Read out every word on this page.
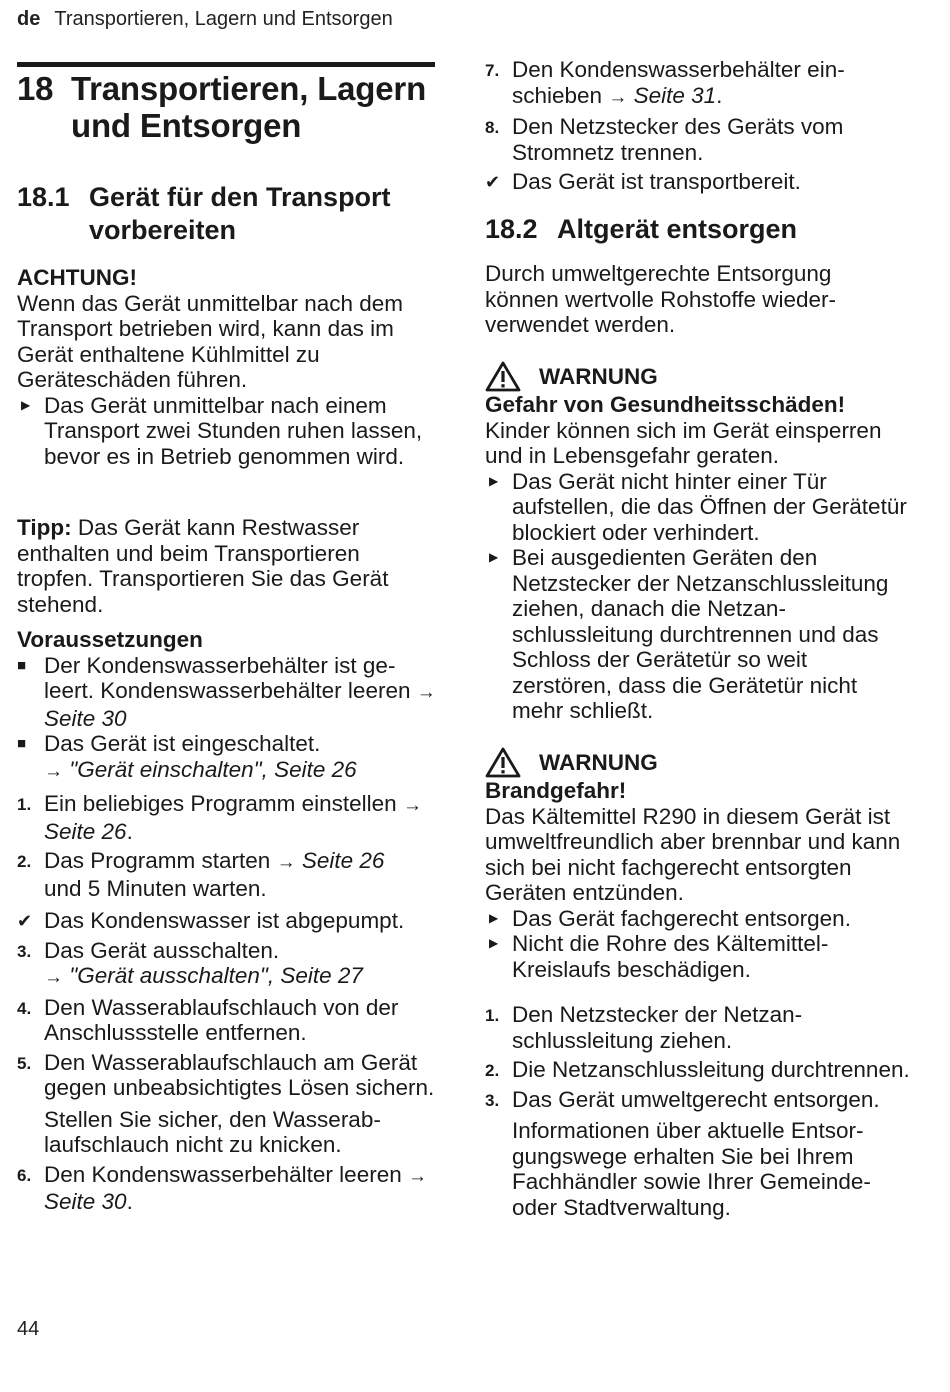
de Transportieren, Lagern und Entsorgen
18 Transportieren, Lagern und Entsorgen
18.1 Gerät für den Transport vorbereiten
ACHTUNG!
Wenn das Gerät unmittelbar nach dem Transport betrieben wird, kann das im Gerät enthaltene Kühlmittel zu Geräteschäden führen.
▶ Das Gerät unmittelbar nach einem Transport zwei Stunden ruhen lassen, bevor es in Betrieb genommen wird.
Tipp: Das Gerät kann Restwasser enthalten und beim Transportieren tropfen. Transportieren Sie das Gerät stehend.
Voraussetzungen
■ Der Kondenswasserbehälter ist geleert. Kondenswasserbehälter leeren → Seite 30
■ Das Gerät ist eingeschaltet.
→ "Gerät einschalten", Seite 26
1. Ein beliebiges Programm einstellen → Seite 26.
2. Das Programm starten → Seite 26
und 5 Minuten warten.
✔ Das Kondenswasser ist abgepumpt.
3. Das Gerät ausschalten.
→ "Gerät ausschalten", Seite 27
4. Den Wasserablaufschlauch von der Anschlussstelle entfernen.
5. Den Wasserablaufschlauch am Gerät gegen unbeabsichtigtes Lösen sichern.
Stellen Sie sicher, den Wasserablaufschlauch nicht zu knicken.
6. Den Kondenswasserbehälter leeren → Seite 30.
7. Den Kondenswasserbehälter einschieben → Seite 31.
8. Den Netzstecker des Geräts vom Stromnetz trennen.
✔ Das Gerät ist transportbereit.
18.2 Altgerät entsorgen
Durch umweltgerechte Entsorgung können wertvolle Rohstoffe wiederverwendet werden.
WARNUNG
Gefahr von Gesundheitsschäden!
Kinder können sich im Gerät einsperren und in Lebensgefahr geraten.
▶ Das Gerät nicht hinter einer Tür aufstellen, die das Öffnen der Gerätetür blockiert oder verhindert.
▶ Bei ausgedienten Geräten den Netzstecker der Netzanschlussleitung ziehen, danach die Netzanschlussleitung durchtrennen und das Schloss der Gerätetür so weit zerstören, dass die Gerätetür nicht mehr schließt.
WARNUNG
Brandgefahr!
Das Kältemittel R290 in diesem Gerät ist umweltfreundlich aber brennbar und kann sich bei nicht fachgerecht entsorgten Geräten entzünden.
▶ Das Gerät fachgerecht entsorgen.
▶ Nicht die Rohre des Kältemittel-Kreislaufs beschädigen.
1. Den Netzstecker der Netzanschlussleitung ziehen.
2. Die Netzanschlussleitung durchtrennen.
3. Das Gerät umweltgerecht entsorgen.
Informationen über aktuelle Entsorgungswege erhalten Sie bei Ihrem Fachhändler sowie Ihrer Gemeinde- oder Stadtverwaltung.
44
